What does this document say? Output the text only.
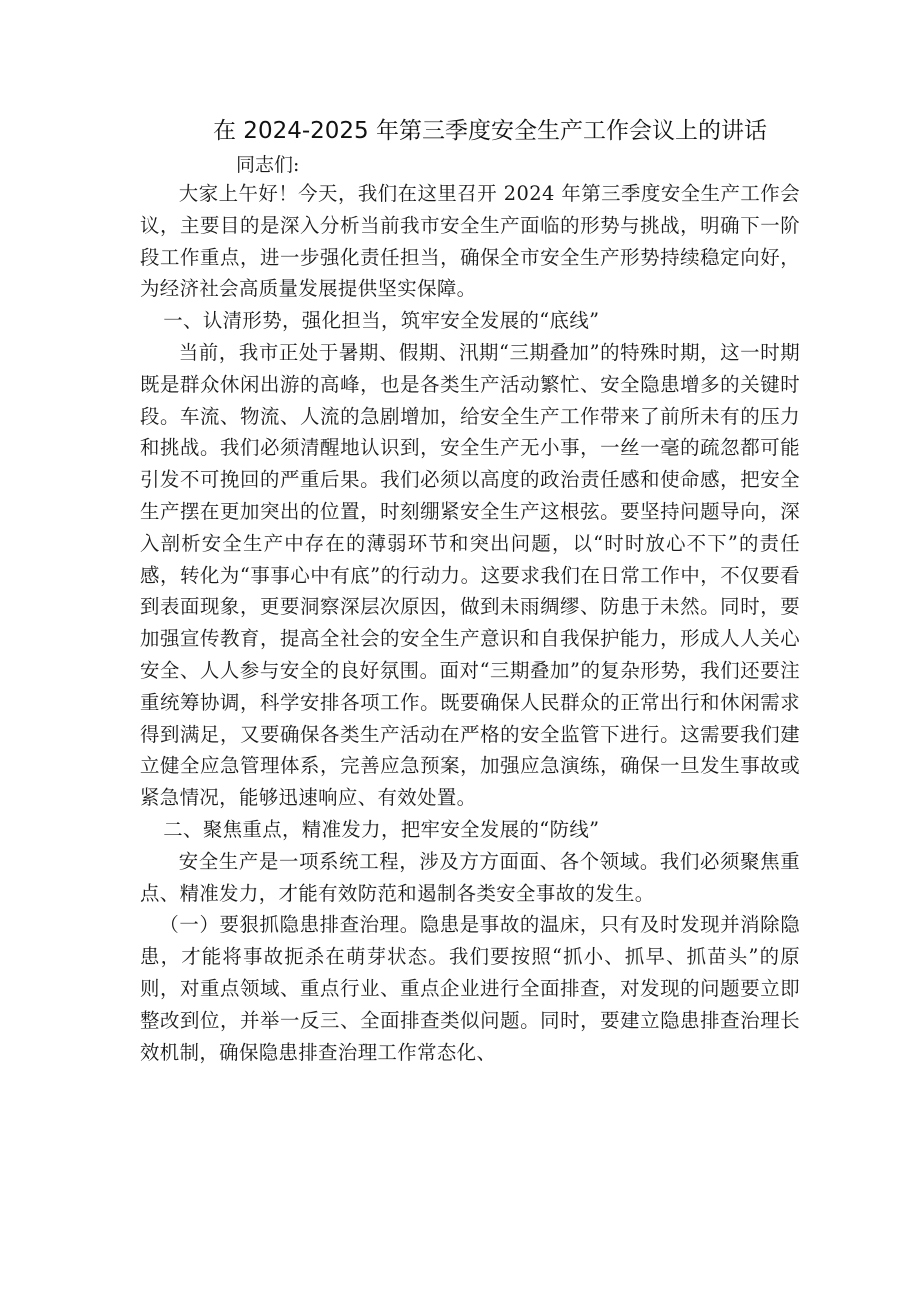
在 2024-2025 年第三季度安全生产工作会议上的讲话
同志们:

大家上午好！今天，我们在这里召开 2024 年第三季度安全生产工作会议，主要目的是深入分析当前我市安全生产面临的形势与挑战，明确下一阶段工作重点，进一步强化责任担当，确保全市安全生产形势持续稳定向好，为经济社会高质量发展提供坚实保障。

一、认清形势，强化担当，筑牢安全发展的“底线”

当前，我市正处于暑期、假期、汛期“三期叠加”的特殊时期，这一时期既是群众休闲出游的高峰，也是各类生产活动繁忙、安全隐患增多的关键时段。车流、物流、人流的急剧增加，给安全生产工作带来了前所未有的压力和挑战。我们必须清醒地认识到，安全生产无小事，一丝一毫的疏忽都可能引发不可挽回的严重后果。我们必须以高度的政治责任感和使命感，把安全生产摆在更加突出的位置，时刻绷紧安全生产这根弦。要坚持问题导向，深入剖析安全生产中存在的薄弱环节和突出问题，以“时时放心不下”的责任感，转化为“事事心中有底”的行动力。这要求我们在日常工作中，不仅要看到表面现象，更要洞察深层次原因，做到未雨绸缪、防患于未然。同时，要加强宣传教育，提高全社会的安全生产意识和自我保护能力，形成人人关心安全、人人参与安全的良好氛围。面对“三期叠加”的复杂形势，我们还要注重统筹协调，科学安排各项工作。既要确保人民群众的正常出行和休闲需求得到满足，又要确保各类生产活动在严格的安全监管下进行。这需要我们建立健全应急管理体系，完善应急预案，加强应急演练，确保一旦发生事故或紧急情况，能够迅速响应、有效处置。

二、聚焦重点，精准发力，把牢安全发展的“防线”

安全生产是一项系统工程，涉及方方面面、各个领域。我们必须聚焦重点、精准发力，才能有效防范和遏制各类安全事故的发生。

（一）要狠抓隐患排查治理。隐患是事故的温床，只有及时发现并消除隐患，才能将事故扼杀在萌芽状态。我们要按照“抓小、抓早、抓苗头”的原则，对重点领域、重点行业、重点企业进行全面排查，对发现的问题要立即整改到位，并举一反三、全面排查类似问题。同时，要建立隐患排查治理长效机制，确保隐患排查治理工作常态化、
